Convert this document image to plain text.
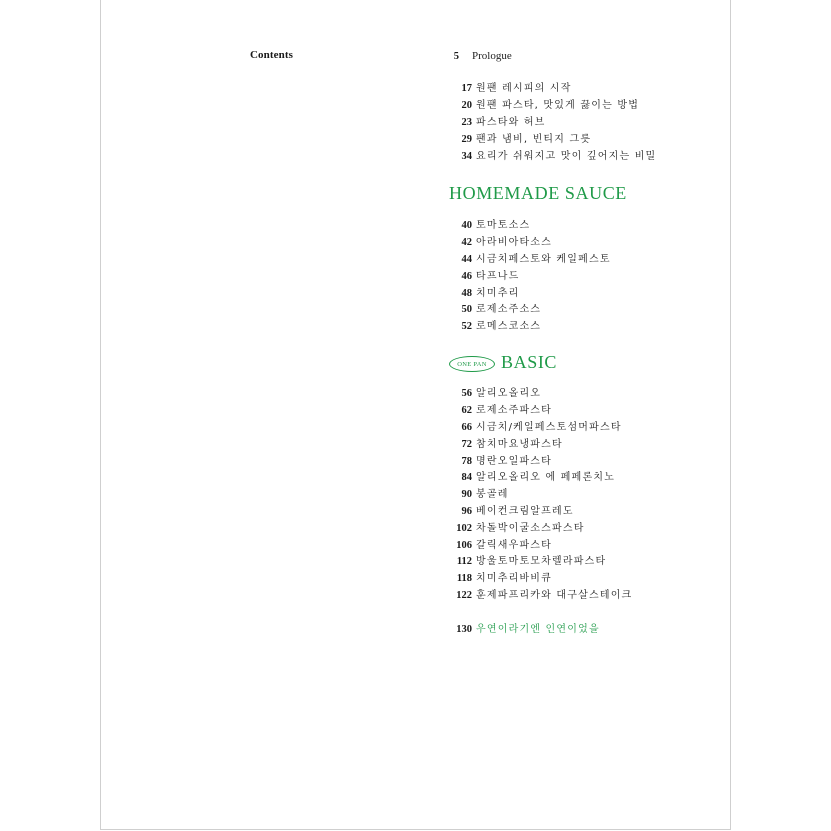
Contents	5 Prologue
17 원팬 레시피의 시작
20 원팬 파스타, 맛있게 끓이는 방법
23 파스타와 허브
29 팬과 냄비, 빈티지 그릇
34 요리가 쉬워지고 맛이 깊어지는 비밀
HOMEMADE SAUCE
40 토마토소스
42 아라비아타소스
44 시금치페스토와 케일페스토
46 타프나드
48 치미추리
50 로제소주소스
52 로메스코소스
ONE PAN BASIC
56 알리오올리오
62 로제소주파스타
66 시금치/케일페스토섬머파스타
72 참치마요냉파스타
78 명란오일파스타
84 알리오올리오 에 페페론치노
90 봉골레
96 베이컨크림알프레도
102 차돌박이굴소스파스타
106 갈릭새우파스타
112 방울토마토모차렐라파스타
118 치미추리바비큐
122 훈제파프리카와 대구살스테이크
130 우연이라기엔 인연이었을
